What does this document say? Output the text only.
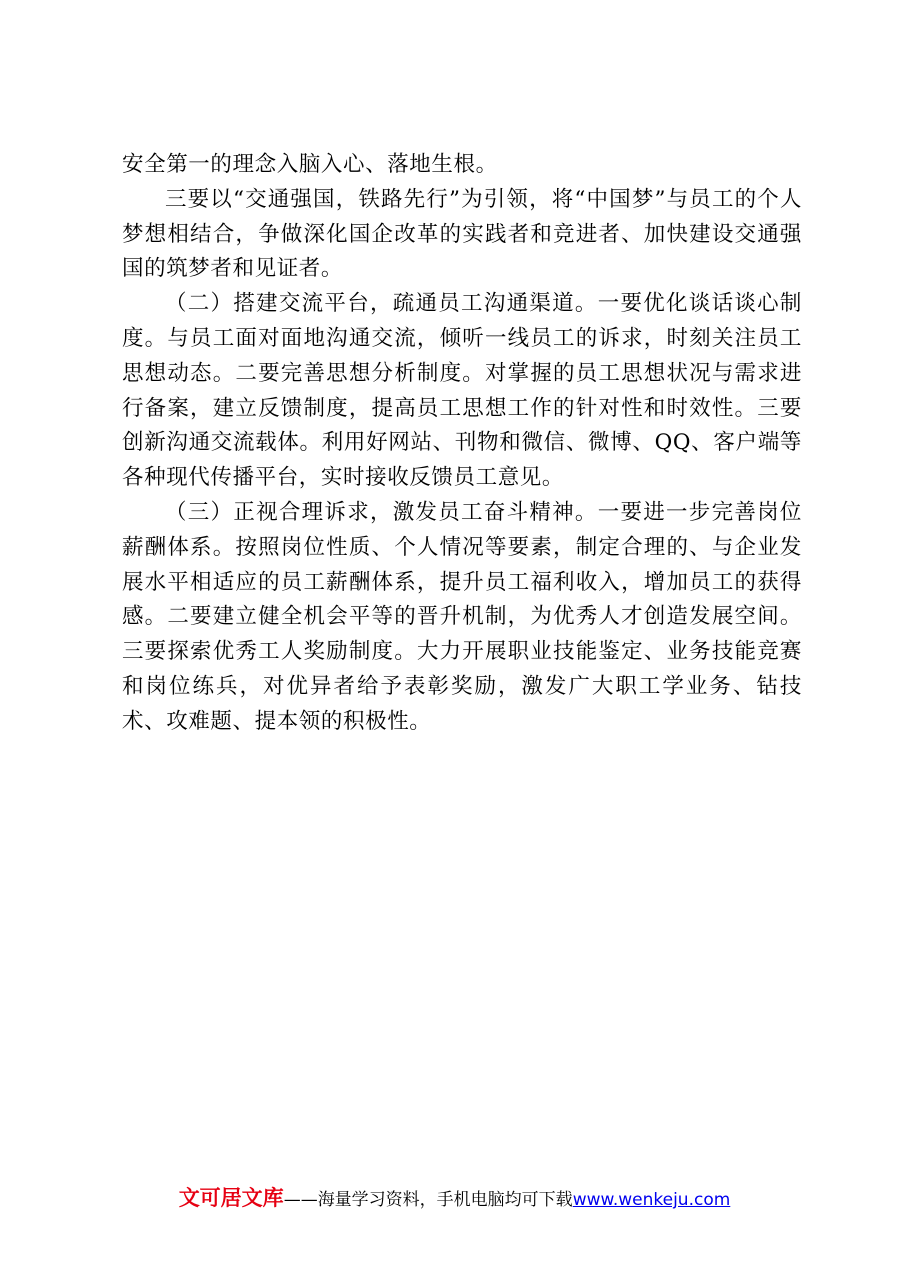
安全第一的理念入脑入心、落地生根。

三要以“交通强国，铁路先行”为引领，将“中国梦”与员工的个人梦想相结合，争做深化国企改革的实践者和竞进者、加快建设交通强国的筑梦者和见证者。

（二）搭建交流平台，疏通员工沟通渠道。一要优化谈话谈心制度。与员工面对面地沟通交流，倾听一线员工的诉求，时刻关注员工思想动态。二要完善思想分析制度。对掌握的员工思想状况与需求进行备案，建立反馈制度，提高员工思想工作的针对性和时效性。三要创新沟通交流载体。利用好网站、刊物和微信、微博、QQ、客户端等各种现代传播平台，实时接收反馈员工意见。

（三）正视合理诉求，激发员工奋斗精神。一要进一步完善岗位薪酬体系。按照岗位性质、个人情况等要素，制定合理的、与企业发展水平相适应的员工薪酬体系，提升员工福利收入，增加员工的获得感。二要建立健全机会平等的晋升机制，为优秀人才创造发展空间。三要探索优秀工人奖励制度。大力开展职业技能鉴定、业务技能竞赛和岗位练兵，对优异者给予表彰奖励，激发广大职工学业务、钻技术、攻难题、提本领的积极性。

文可居文库——海量学习资料，手机电脑均可下载www.wenkeju.com
